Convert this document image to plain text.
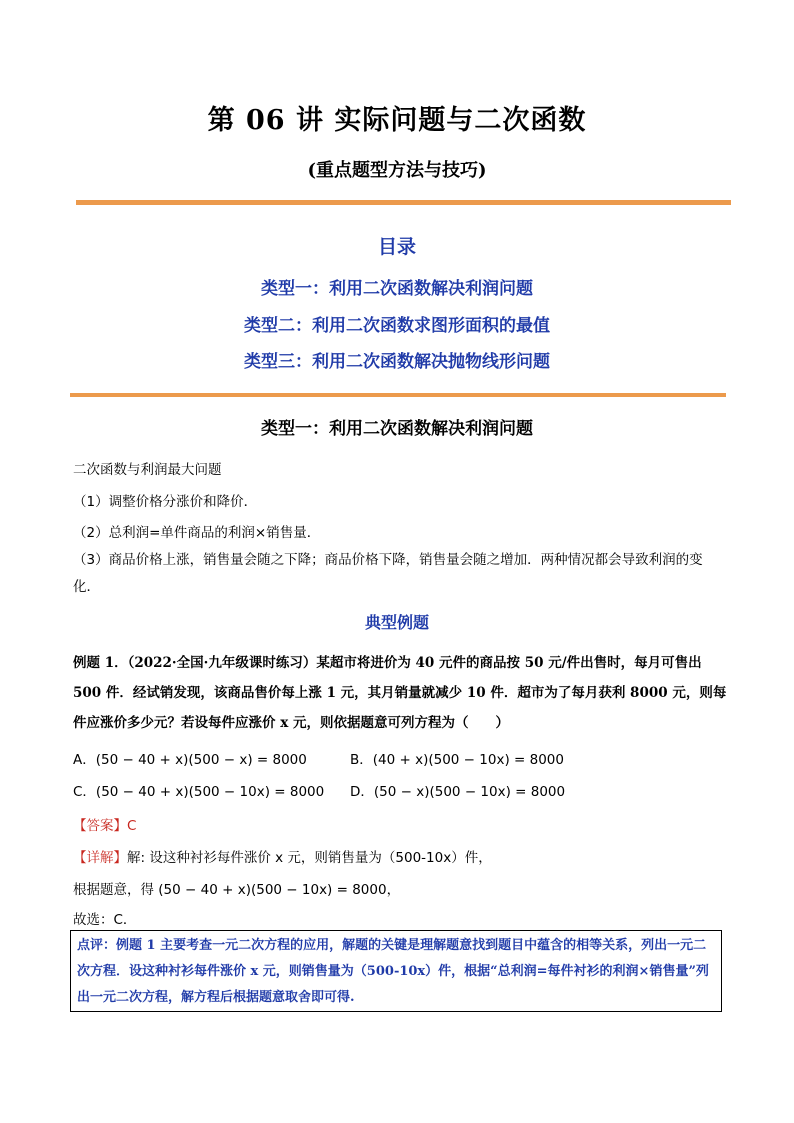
第 06 讲 实际问题与二次函数
(重点题型方法与技巧)
目录
类型一：利用二次函数解决利润问题
类型二：利用二次函数求图形面积的最值
类型三：利用二次函数解决抛物线形问题
类型一：利用二次函数解决利润问题
二次函数与利润最大问题
（1）调整价格分涨价和降价．
（2）总利润=单件商品的利润×销售量．
（3）商品价格上涨，销售量会随之下降；商品价格下降，销售量会随之增加．两种情况都会导致利润的变化．
典型例题
例题 1．（2022·全国·九年级课时练习）某超市将进价为 40 元件的商品按 50 元/件出售时，每月可售出 500 件．经试销发现，该商品售价每上涨 1 元，其月销量就减少 10 件．超市为了每月获利 8000 元，则每件应涨价多少元？若设每件应涨价 x 元，则依据题意可列方程为（　　）
A．(50 − 40 + x)(500 − x) = 8000	B．(40 + x)(500 − 10x) = 8000
C．(50 − 40 + x)(500 − 10x) = 8000 D．(50 − x)(500 − 10x) = 8000
【答案】C
【详解】解: 设这种衬衫每件涨价 x 元，则销售量为（500-10x）件，
根据题意，得 (50 − 40 + x)(500 − 10x) = 8000，
故选：C．
点评：例题 1 主要考查一元二次方程的应用，解题的关键是理解题意找到题目中蕴含的相等关系，列出一元二次方程．设这种衬衫每件涨价 x 元，则销售量为（500-10x）件，根据“总利润=每件衬衫的利润×销售量”列出一元二次方程，解方程后根据题意取舍即可得.
